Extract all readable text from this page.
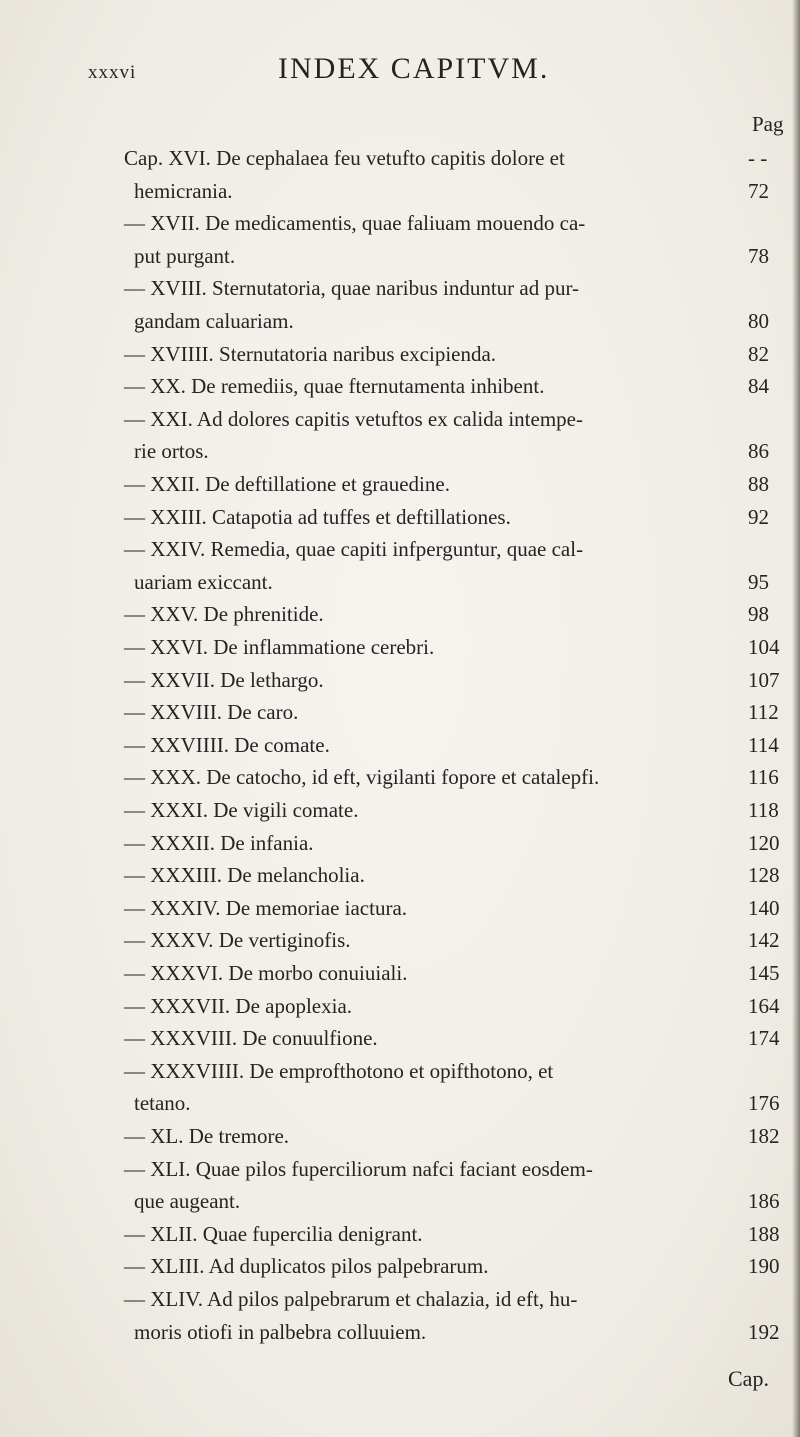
xxxvi	INDEX CAPITVM.
Pag
Cap. XVI. De cephalaea feu vetufto capitis dolore et	- -
hemicrania.	72
— XVII. De medicamentis, quae faliuam mouendo ca-
put purgant.	78
— XVIII. Sternutatoria, quae naribus induntur ad pur-
gandam caluariam.	80
— XVIIII. Sternutatoria naribus excipienda.	82
— XX. De remediis, quae fternutamenta inhibent.	84
— XXI. Ad dolores capitis vetuftos ex calida intempe-
rie ortos.	86
— XXII. De deftillatione et grauedine.	88
— XXIII. Catapotia ad tuffes et deftillationes.	92
— XXIV. Remedia, quae capiti infperguntur, quae cal-
uariam exiccant.	95
— XXV. De phrenitide.	98
— XXVI. De inflammatione cerebri.	104
— XXVII. De lethargo.	107
— XXVIII. De caro.	112
— XXVIIII. De comate.	114
— XXX. De catocho, id eft, vigilanti fopore et catalepfi.	116
— XXXI. De vigili comate.	118
— XXXII. De infania.	120
— XXXIII. De melancholia.	128
— XXXIV. De memoriae iactura.	140
— XXXV. De vertiginofis.	142
— XXXVI. De morbo conuiuiali.	145
— XXXVII. De apoplexia.	164
— XXXVIII. De conuulfione.	174
— XXXVIIII. De emprofthotono et opifthotono, et
tetano.	176
— XL. De tremore.	182
— XLI. Quae pilos fuperciliorum nafci faciant eosdem-
que augeant.	186
— XLII. Quae fupercilia denigrant.	188
— XLIII. Ad duplicatos pilos palpebrarum.	190
— XLIV. Ad pilos palpebrarum et chalazia, id eft, hu-
moris otiofi in palbebra colluuiem.	192
Cap.
